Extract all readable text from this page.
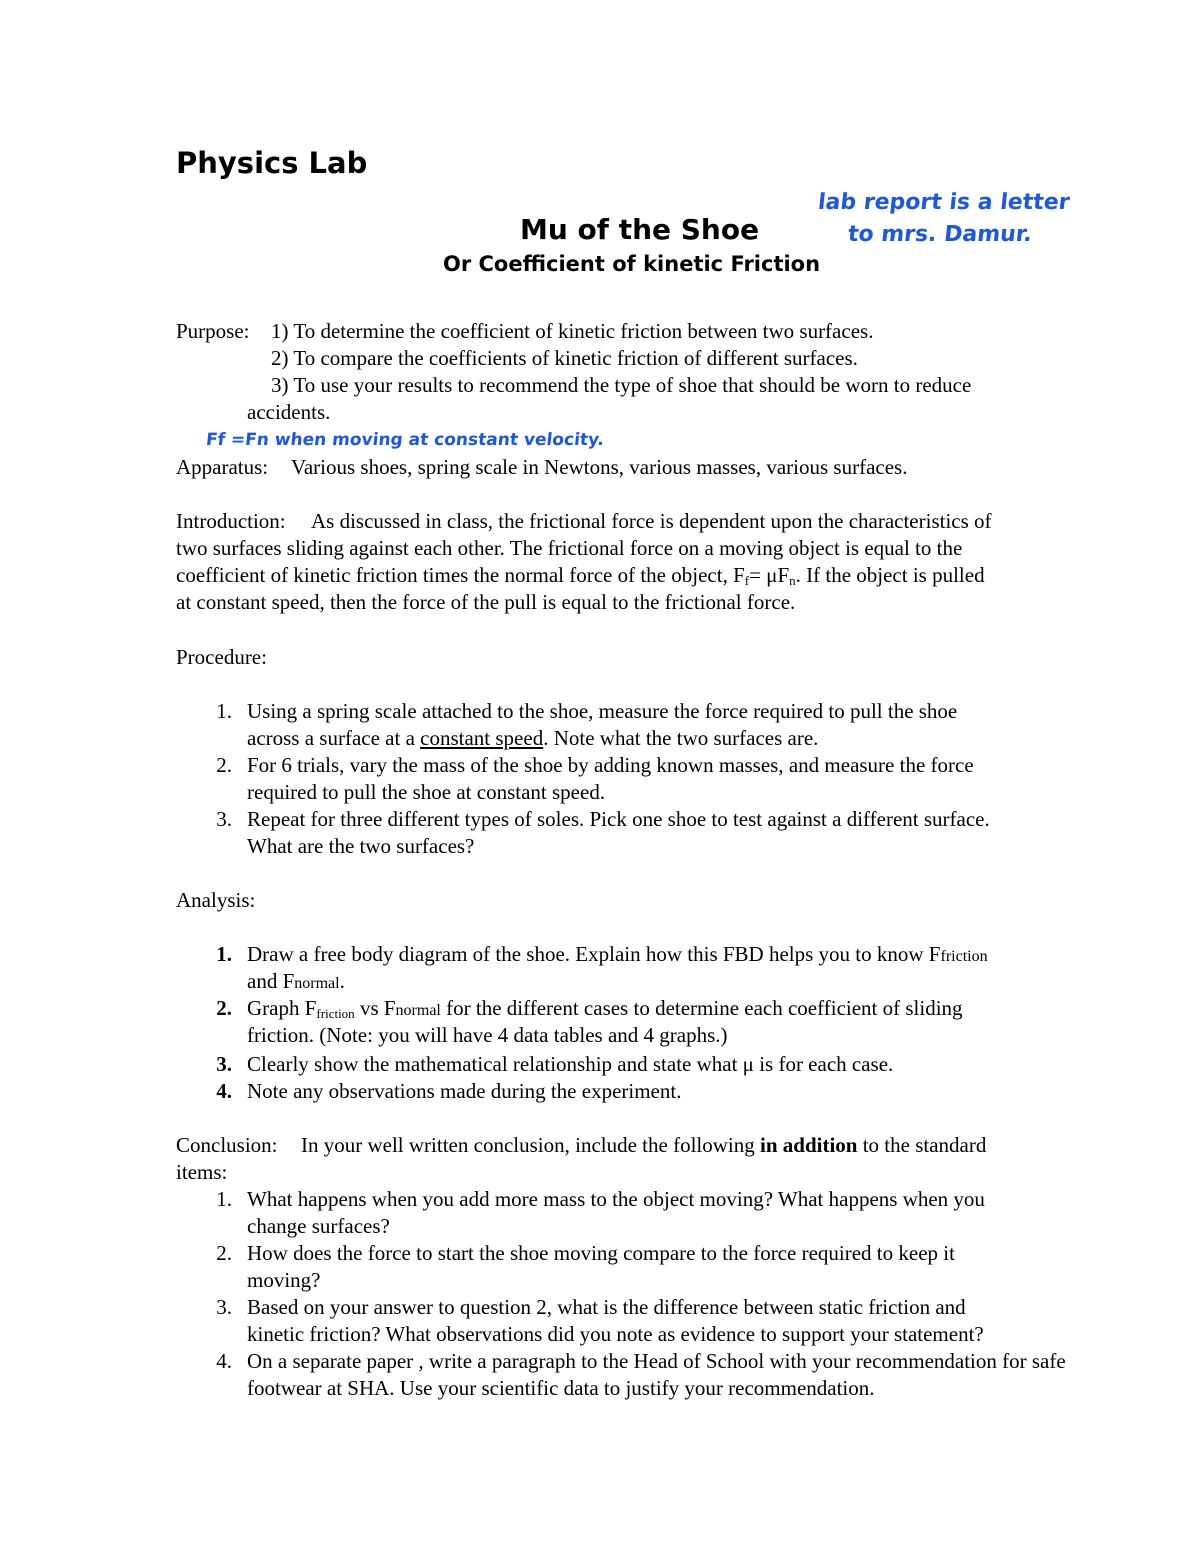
Physics Lab
Mu of the Shoe
Or Coefficient of kinetic Friction
lab report is a letter
to mrs. Damur.
Ff =Fn when moving at constant velocity.
Purpose: 1) To determine the coefficient of kinetic friction between two surfaces.
2) To compare the coefficients of kinetic friction of different surfaces.
3) To use your results to recommend the type of shoe that should be worn to reduce
accidents.
Apparatus: Various shoes, spring scale in Newtons, various masses, various surfaces.
Introduction: As discussed in class, the frictional force is dependent upon the characteristics of
two surfaces sliding against each other. The frictional force on a moving object is equal to the
coefficient of kinetic friction times the normal force of the object, $F_f= \mu F_n$. If the object is pulled
at constant speed, then the force of the pull is equal to the frictional force.
Procedure:
1. Using a spring scale attached to the shoe, measure the force required to pull the shoe
across a surface at a constant speed. Note what the two surfaces are.
2. For 6 trials, vary the mass of the shoe by adding known masses, and measure the force
required to pull the shoe at constant speed.
3. Repeat for three different types of soles. Pick one shoe to test against a different surface.
What are the two surfaces?
Analysis:
1. Draw a free body diagram of the shoe. Explain how this FBD helps you to know Ffriction
and Fnormal.
2. Graph $F_{friction}$ vs Fnormal for the different cases to determine each coefficient of sliding
friction. (Note: you will have 4 data tables and 4 graphs.)
3. Clearly show the mathematical relationship and state what μ is for each case.
4. Note any observations made during the experiment.
Conclusion: In your well written conclusion, include the following in addition to the standard
items:
1. What happens when you add more mass to the object moving? What happens when you
change surfaces?
2. How does the force to start the shoe moving compare to the force required to keep it
moving?
3. Based on your answer to question 2, what is the difference between static friction and
kinetic friction? What observations did you note as evidence to support your statement?
4. On a separate paper , write a paragraph to the Head of School with your recommendation for safe
footwear at SHA. Use your scientific data to justify your recommendation.
